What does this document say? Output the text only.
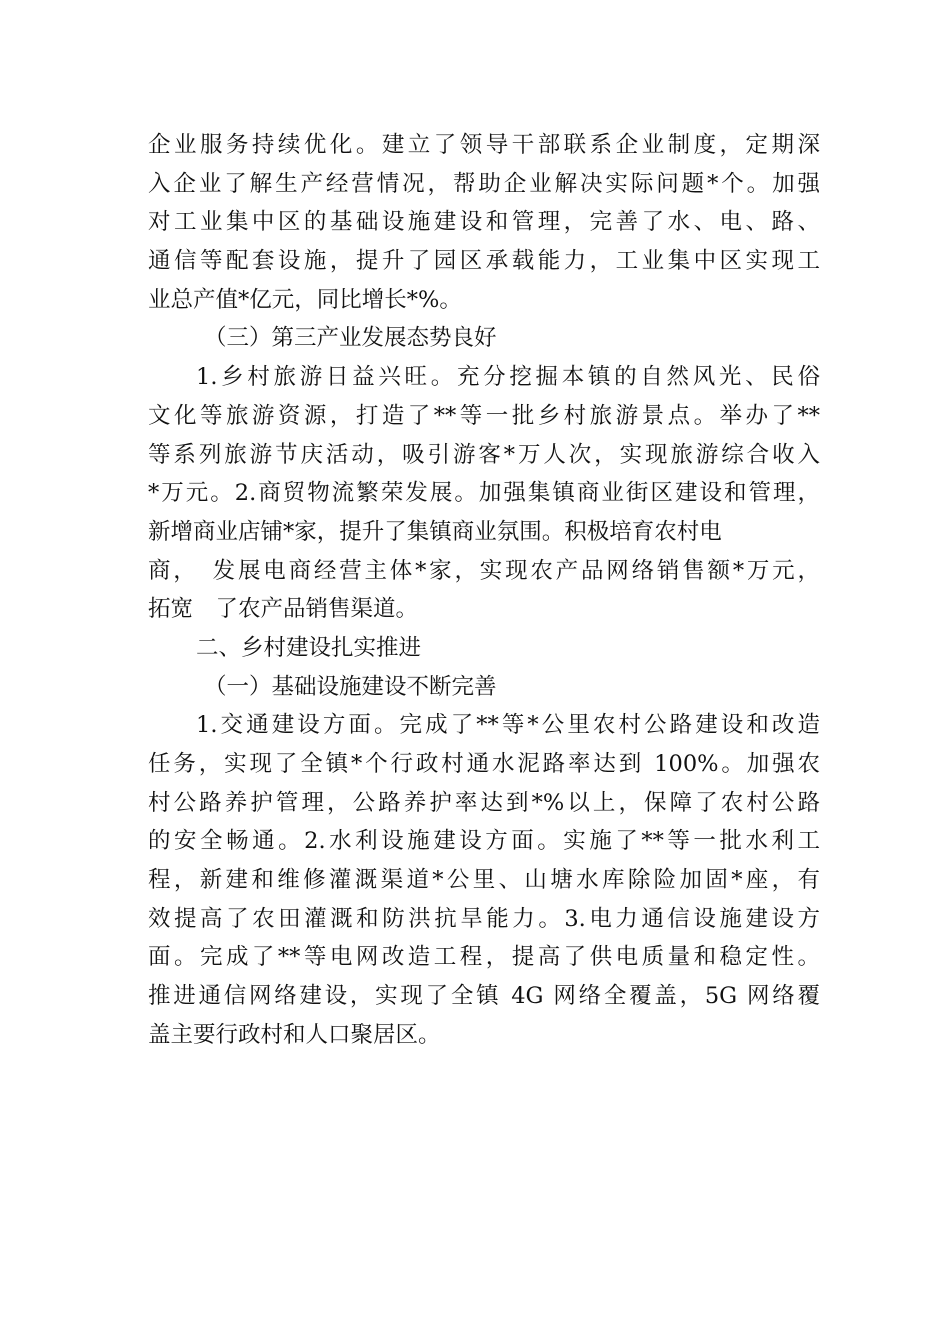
企业服务持续优化。建立了领导干部联系企业制度，定期深
入企业了解生产经营情况，帮助企业解决实际问题*个。加强
对工业集中区的基础设施建设和管理，完善了水、电、路、
通信等配套设施，提升了园区承载能力，工业集中区实现工
业总产值*亿元，同比增长*%。
（三）第三产业发展态势良好
1.乡村旅游日益兴旺。充分挖掘本镇的自然风光、民俗
文化等旅游资源，打造了**等一批乡村旅游景点。举办了**
等系列旅游节庆活动，吸引游客*万人次，实现旅游综合收入
*万元。2.商贸物流繁荣发展。加强集镇商业街区建设和管理，
新增商业店铺*家，提升了集镇商业氛围。积极培育农村电
商，　发展电商经营主体*家，实现农产品网络销售额*万元，
拓宽　了农产品销售渠道。
二、乡村建设扎实推进
（一）基础设施建设不断完善
1.交通建设方面。完成了**等*公里农村公路建设和改造
任务，实现了全镇*个行政村通水泥路率达到 100%。加强农
村公路养护管理，公路养护率达到*%以上，保障了农村公路
的安全畅通。2.水利设施建设方面。实施了**等一批水利工
程，新建和维修灌溉渠道*公里、山塘水库除险加固*座，有
效提高了农田灌溉和防洪抗旱能力。3.电力通信设施建设方
面。完成了**等电网改造工程，提高了供电质量和稳定性。
推进通信网络建设，实现了全镇 4G 网络全覆盖，5G 网络覆
盖主要行政村和人口聚居区。
